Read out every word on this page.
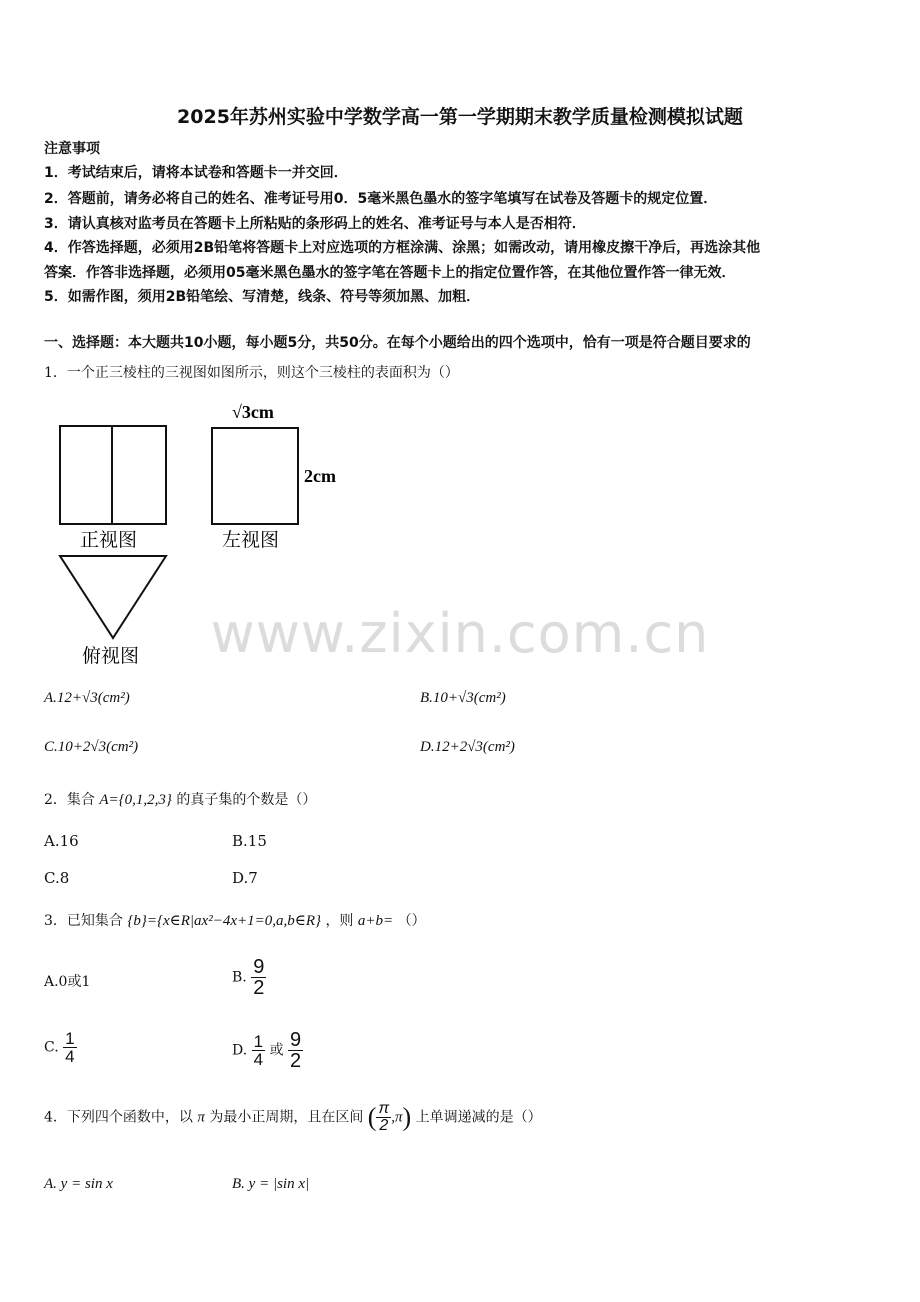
2025年苏州实验中学数学高一第一学期期末教学质量检测模拟试题
注意事项
1．考试结束后，请将本试卷和答题卡一并交回．
2．答题前，请务必将自己的姓名、准考证号用0．5毫米黑色墨水的签字笔填写在试卷及答题卡的规定位置．
3．请认真核对监考员在答题卡上所粘贴的条形码上的姓名、准考证号与本人是否相符．
4．作答选择题，必须用2B铅笔将答题卡上对应选项的方框涂满、涂黑；如需改动，请用橡皮擦干净后，再选涂其他
答案．作答非选择题，必须用05毫米黑色墨水的签字笔在答题卡上的指定位置作答，在其他位置作答一律无效．
5．如需作图，须用2B铅笔绘、写清楚，线条、符号等须加黑、加粗．
一、选择题：本大题共10小题，每小题5分，共50分。在每个小题给出的四个选项中，恰有一项是符合题目要求的
1．一个正三棱柱的三视图如图所示，则这个三棱柱的表面积为（）
√3cm
2cm
正视图	左视图
俯视图
A.12+√3(cm²)	B.10+√3(cm²)
C.10+2√3(cm²)	D.12+2√3(cm²)
2．集合 A={0,1,2,3} 的真子集的个数是（）
A.16	B.15
C.8	D.7
3．已知集合 {b}={x∈R|ax²−4x+1=0,a,b∈R} ，则 a+b= （）
A.0或1	B. $\frac{9}{2}$
C. $\frac{1}{4}$	D. $\frac{1}{4}$ 或 $\frac{9}{2}$
4．下列四个函数中，以 π 为最小正周期，且在区间 ( $\frac{\pi}{2} ,\pi$) 上单调递减的是（）
A. y = sin x	B. y = |sin x|
www.zixin.com.cn
